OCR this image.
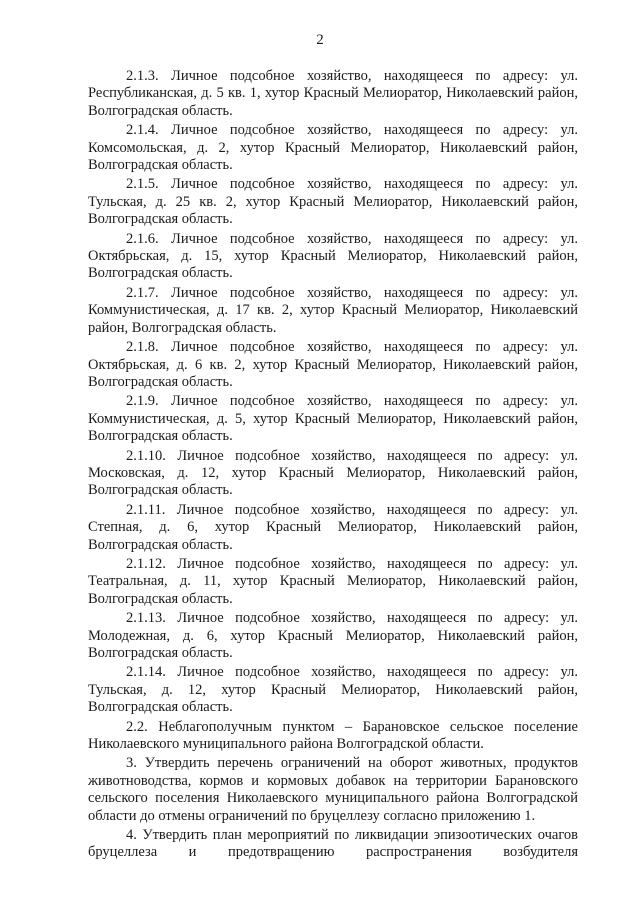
2

2.1.3. Личное подсобное хозяйство, находящееся по адресу: ул. Республиканская, д. 5 кв. 1, хутор Красный Мелиоратор, Николаевский район, Волгоградская область.

2.1.4. Личное подсобное хозяйство, находящееся по адресу: ул. Комсомольская, д. 2, хутор Красный Мелиоратор, Николаевский район, Волгоградская область.

2.1.5. Личное подсобное хозяйство, находящееся по адресу: ул. Тульская, д. 25 кв. 2, хутор Красный Мелиоратор, Николаевский район, Волгоградская область.

2.1.6. Личное подсобное хозяйство, находящееся по адресу: ул. Октябрьская, д. 15, хутор Красный Мелиоратор, Николаевский район, Волгоградская область.

2.1.7. Личное подсобное хозяйство, находящееся по адресу: ул. Коммунистическая, д. 17 кв. 2, хутор Красный Мелиоратор, Николаевский район, Волгоградская область.

2.1.8. Личное подсобное хозяйство, находящееся по адресу: ул. Октябрьская, д. 6 кв. 2, хутор Красный Мелиоратор, Николаевский район, Волгоградская область.

2.1.9. Личное подсобное хозяйство, находящееся по адресу: ул. Коммунистическая, д. 5, хутор Красный Мелиоратор, Николаевский район, Волгоградская область.

2.1.10. Личное подсобное хозяйство, находящееся по адресу: ул. Московская, д. 12, хутор Красный Мелиоратор, Николаевский район, Волгоградская область.

2.1.11. Личное подсобное хозяйство, находящееся по адресу: ул. Степная, д. 6, хутор Красный Мелиоратор, Николаевский район, Волгоградская область.

2.1.12. Личное подсобное хозяйство, находящееся по адресу: ул. Театральная, д. 11, хутор Красный Мелиоратор, Николаевский район, Волгоградская область.

2.1.13. Личное подсобное хозяйство, находящееся по адресу: ул. Молодежная, д. 6, хутор Красный Мелиоратор, Николаевский район, Волгоградская область.

2.1.14. Личное подсобное хозяйство, находящееся по адресу: ул. Тульская, д. 12, хутор Красный Мелиоратор, Николаевский район, Волгоградская область.

2.2. Неблагополучным пунктом – Барановское сельское поселение Николаевского муниципального района Волгоградской области.

3. Утвердить перечень ограничений на оборот животных, продуктов животноводства, кормов и кормовых добавок на территории Барановского сельского поселения Николаевского муниципального района Волгоградской области до отмены ограничений по бруцеллезу согласно приложению 1.

4. Утвердить план мероприятий по ликвидации эпизоотических очагов бруцеллеза и предотвращению распространения возбудителя
